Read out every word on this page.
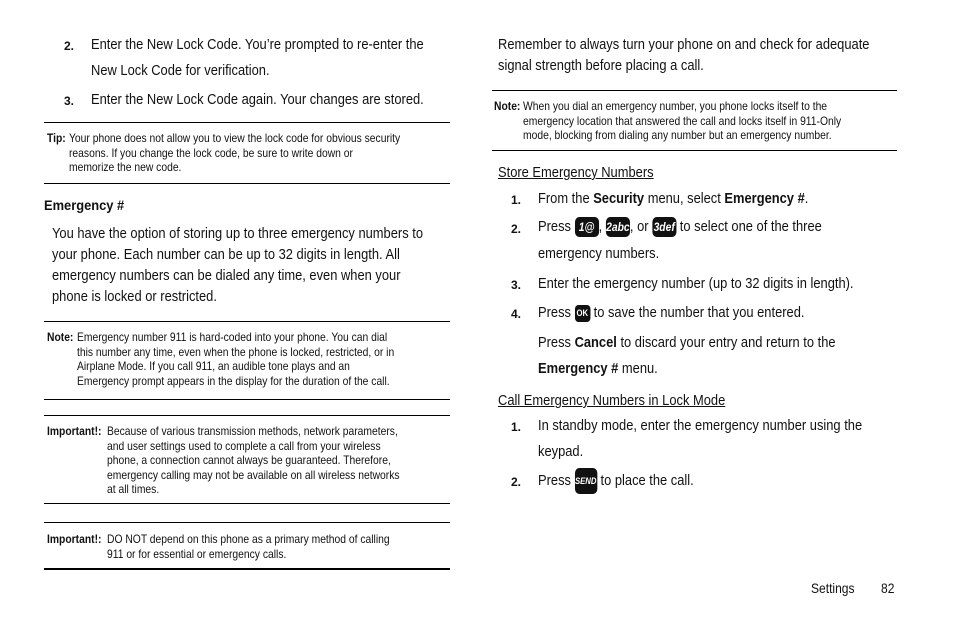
2. Enter the New Lock Code. You’re prompted to re-enter the
New Lock Code for verification.
3. Enter the New Lock Code again. Your changes are stored.
Tip: Your phone does not allow you to view the lock code for obvious security
reasons. If you change the lock code, be sure to write down or
memorize the new code.
Emergency #
You have the option of storing up to three emergency numbers to
your phone. Each number can be up to 32 digits in length. All
emergency numbers can be dialed any time, even when your
phone is locked or restricted.
Note: Emergency number 911 is hard-coded into your phone. You can dial
this number any time, even when the phone is locked, restricted, or in
Airplane Mode. If you call 911, an audible tone plays and an
Emergency prompt appears in the display for the duration of the call.
Important!: Because of various transmission methods, network parameters,
and user settings used to complete a call from your wireless
phone, a connection cannot always be guaranteed. Therefore,
emergency calling may not be available on all wireless networks
at all times.
Important!: DO NOT depend on this phone as a primary method of calling
911 or for essential or emergency calls.
Remember to always turn your phone on and check for adequate
signal strength before placing a call.
Note: When you dial an emergency number, you phone locks itself to the
emergency location that answered the call and locks itself in 911-Only
mode, blocking from dialing any number but an emergency number.
Store Emergency Numbers
1. From the Security menu, select Emergency #.
2. Press 1@ , 2abc, or 3def to select one of the three
emergency numbers.
3. Enter the emergency number (up to 32 digits in length).
4. Press OK to save the number that you entered.
Press Cancel to discard your entry and return to the
Emergency # menu.
Call Emergency Numbers in Lock Mode
1. In standby mode, enter the emergency number using the
keypad.
2. Press SEND to place the call.
Settings 82
